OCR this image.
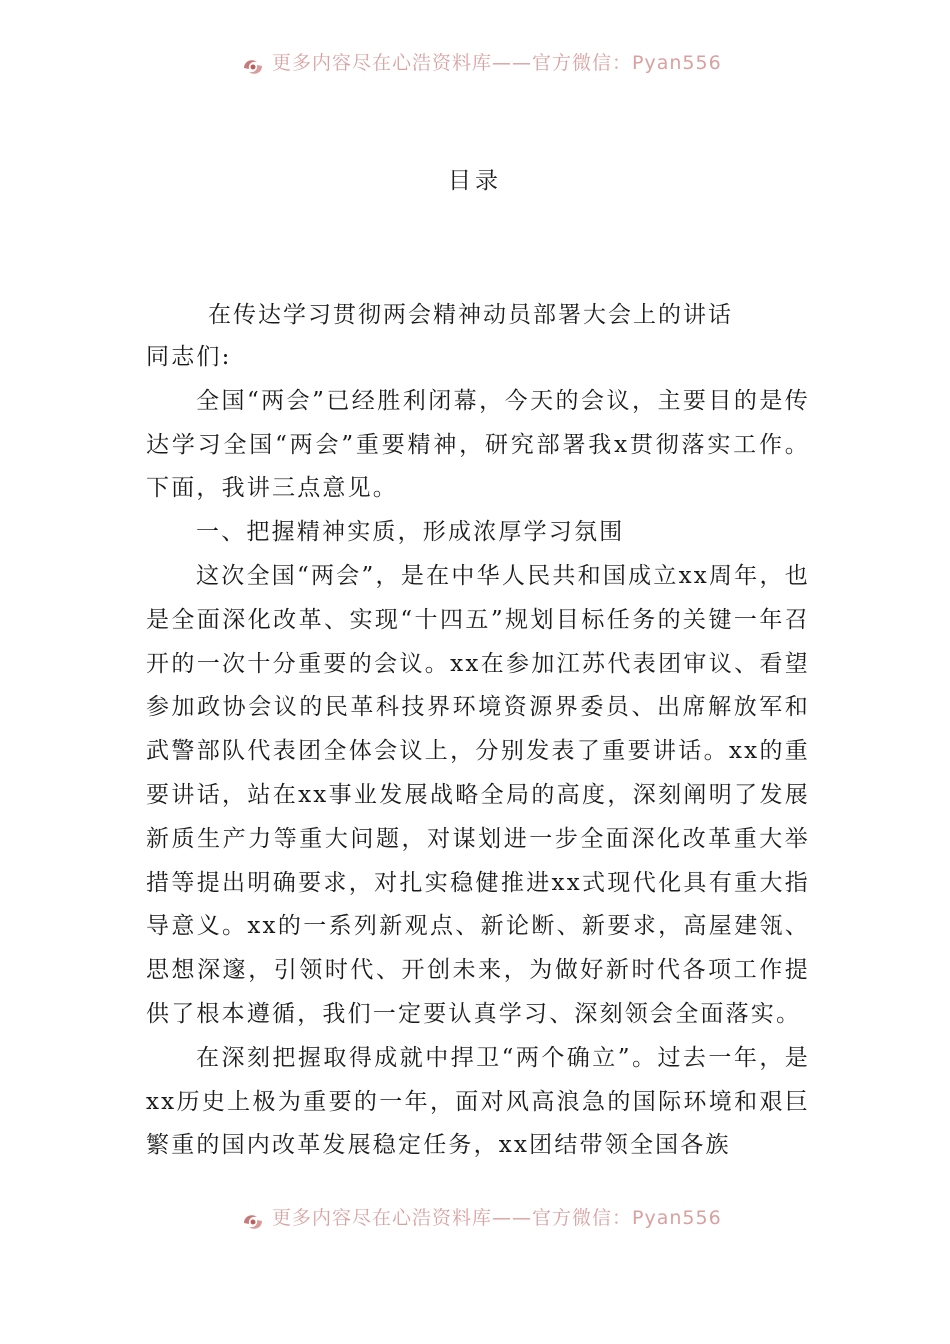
更多内容尽在心浩资料库——官方微信：Pyan556
目录
在传达学习贯彻两会精神动员部署大会上的讲话

同志们:

全国“两会”已经胜利闭幕，今天的会议，主要目的是传达学习全国“两会”重要精神，研究部署我x贯彻落实工作。下面，我讲三点意见。

一、把握精神实质，形成浓厚学习氛围

这次全国“两会”，是在中华人民共和国成立xx周年，也是全面深化改革、实现“十四五”规划目标任务的关键一年召开的一次十分重要的会议。xx在参加江苏代表团审议、看望参加政协会议的民革科技界环境资源界委员、出席解放军和武警部队代表团全体会议上，分别发表了重要讲话。xx的重要讲话，站在xx事业发展战略全局的高度，深刻阐明了发展新质生产力等重大问题，对谋划进一步全面深化改革重大举措等提出明确要求，对扎实稳健推进xx式现代化具有重大指导意义。xx的一系列新观点、新论断、新要求，高屋建瓴、思想深邃，引领时代、开创未来，为做好新时代各项工作提供了根本遵循，我们一定要认真学习、深刻领会全面落实。

在深刻把握取得成就中捍卫“两个确立”。过去一年，是xx历史上极为重要的一年，面对风高浪急的国际环境和艰巨繁重的国内改革发展稳定任务，xx团结带领全国各族

更多内容尽在心浩资料库——官方微信：Pyan556
